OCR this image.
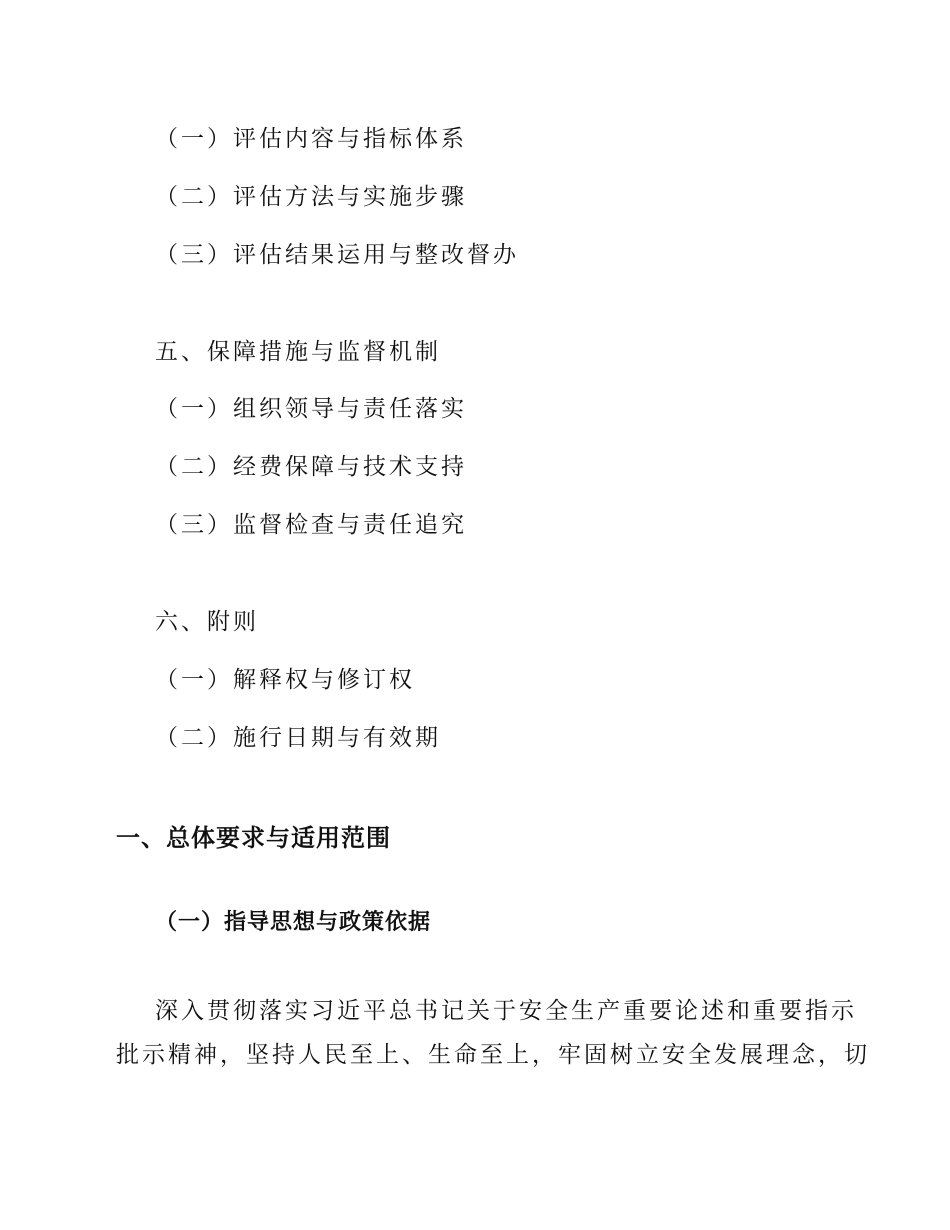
（一）评估内容与指标体系
（二）评估方法与实施步骤
（三）评估结果运用与整改督办
五、保障措施与监督机制
（一）组织领导与责任落实
（二）经费保障与技术支持
（三）监督检查与责任追究
六、附则
（一）解释权与修订权
（二）施行日期与有效期
一、总体要求与适用范围
（一）指导思想与政策依据
深入贯彻落实习近平总书记关于安全生产重要论述和重要指示
批示精神，坚持人民至上、生命至上，牢固树立安全发展理念，切
